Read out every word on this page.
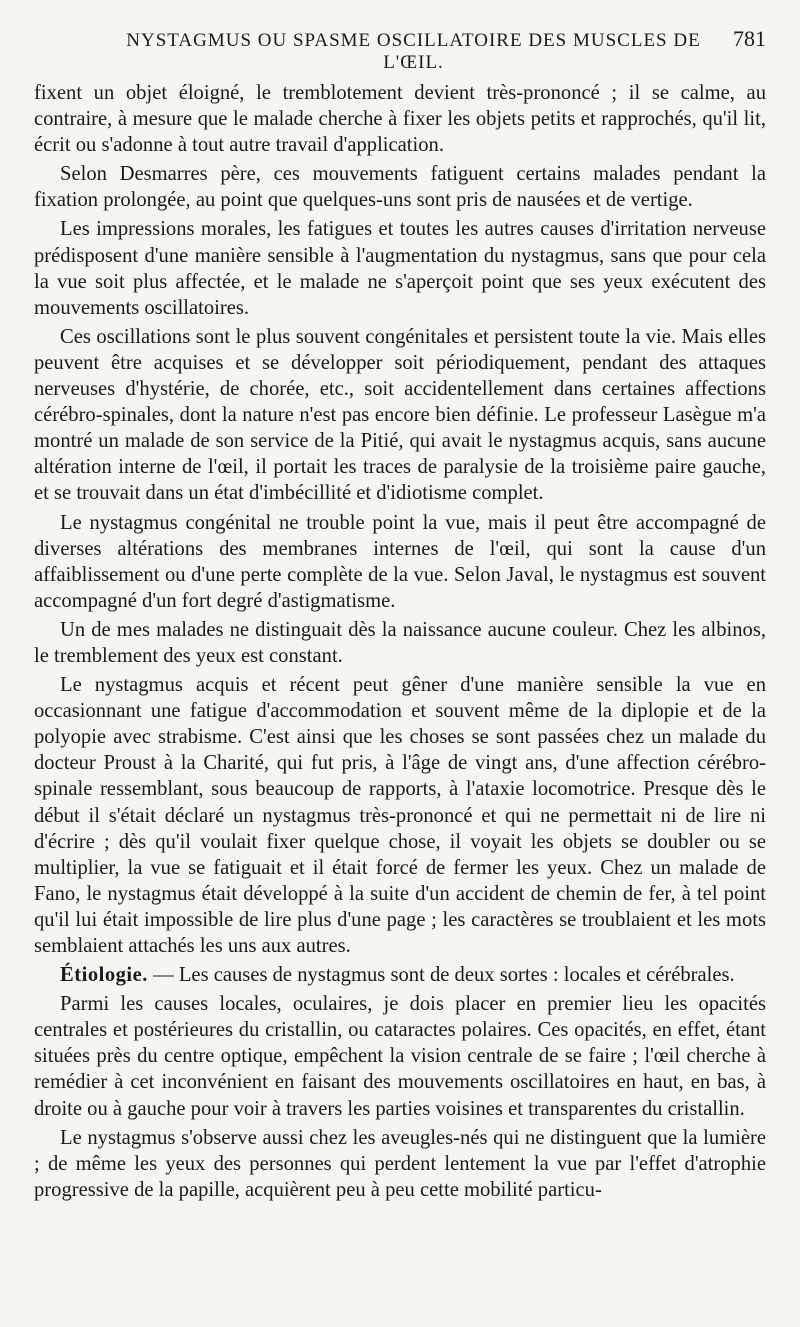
NYSTAGMUS OU SPASME OSCILLATOIRE DES MUSCLES DE L'ŒIL.
781

fixent un objet éloigné, le tremblotement devient très-prononcé ; il se calme, au contraire, à mesure que le malade cherche à fixer les objets petits et rapprochés, qu'il lit, écrit ou s'adonne à tout autre travail d'application.

Selon Desmarres père, ces mouvements fatiguent certains malades pendant la fixation prolongée, au point que quelques-uns sont pris de nausées et de vertige.

Les impressions morales, les fatigues et toutes les autres causes d'irritation nerveuse prédisposent d'une manière sensible à l'augmentation du nystagmus, sans que pour cela la vue soit plus affectée, et le malade ne s'aperçoit point que ses yeux exécutent des mouvements oscillatoires.

Ces oscillations sont le plus souvent congénitales et persistent toute la vie. Mais elles peuvent être acquises et se développer soit périodiquement, pendant des attaques nerveuses d'hystérie, de chorée, etc., soit accidentellement dans certaines affections cérébro-spinales, dont la nature n'est pas encore bien définie. Le professeur Lasègue m'a montré un malade de son service de la Pitié, qui avait le nystagmus acquis, sans aucune altération interne de l'œil, il portait les traces de paralysie de la troisième paire gauche, et se trouvait dans un état d'imbécillité et d'idiotisme complet.

Le nystagmus congénital ne trouble point la vue, mais il peut être accompagné de diverses altérations des membranes internes de l'œil, qui sont la cause d'un affaiblissement ou d'une perte complète de la vue. Selon Javal, le nystagmus est souvent accompagné d'un fort degré d'astigmatisme.

Un de mes malades ne distinguait dès la naissance aucune couleur. Chez les albinos, le tremblement des yeux est constant.

Le nystagmus acquis et récent peut gêner d'une manière sensible la vue en occasionnant une fatigue d'accommodation et souvent même de la diplopie et de la polyopie avec strabisme. C'est ainsi que les choses se sont passées chez un malade du docteur Proust à la Charité, qui fut pris, à l'âge de vingt ans, d'une affection cérébro-spinale ressemblant, sous beaucoup de rapports, à l'ataxie locomotrice. Presque dès le début il s'était déclaré un nystagmus très-prononcé et qui ne permettait ni de lire ni d'écrire ; dès qu'il voulait fixer quelque chose, il voyait les objets se doubler ou se multiplier, la vue se fatiguait et il était forcé de fermer les yeux. Chez un malade de Fano, le nystagmus était développé à la suite d'un accident de chemin de fer, à tel point qu'il lui était impossible de lire plus d'une page ; les caractères se troublaient et les mots semblaient attachés les uns aux autres.

Étiologie. — Les causes de nystagmus sont de deux sortes : locales et cérébrales.

Parmi les causes locales, oculaires, je dois placer en premier lieu les opacités centrales et postérieures du cristallin, ou cataractes polaires. Ces opacités, en effet, étant situées près du centre optique, empêchent la vision centrale de se faire ; l'œil cherche à remédier à cet inconvénient en faisant des mouvements oscillatoires en haut, en bas, à droite ou à gauche pour voir à travers les parties voisines et transparentes du cristallin.

Le nystagmus s'observe aussi chez les aveugles-nés qui ne distinguent que la lumière ; de même les yeux des personnes qui perdent lentement la vue par l'effet d'atrophie progressive de la papille, acquièrent peu à peu cette mobilité particu-
